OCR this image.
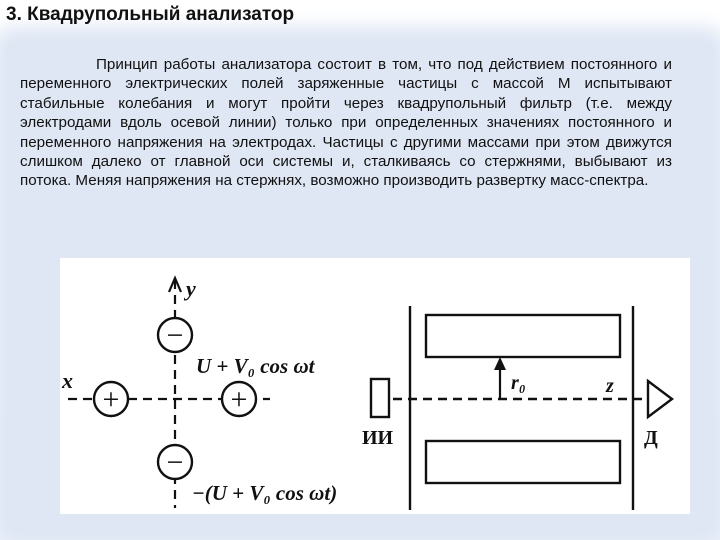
3. Квадрупольный анализатор
Принцип работы анализатора состоит в том, что под действием постоянного и переменного электрических полей заряженные частицы с массой М испытывают стабильные колебания и могут пройти через квадрупольный фильтр (т.е. между электродами вдоль осевой линии) только при определенных значениях постоянного и переменного напряжения на электродах. Частицы с другими массами при этом движутся слишком далеко от главной оси системы и, сталкиваясь со стержнями, выбывают из потока. Меняя напряжения на стержнях, возможно производить развертку масс-спектра.
y
x
−
−
+	+
U + V₀ cos ωt
−(U + V₀ cos ωt)
ИИ
z
Д
r₀
